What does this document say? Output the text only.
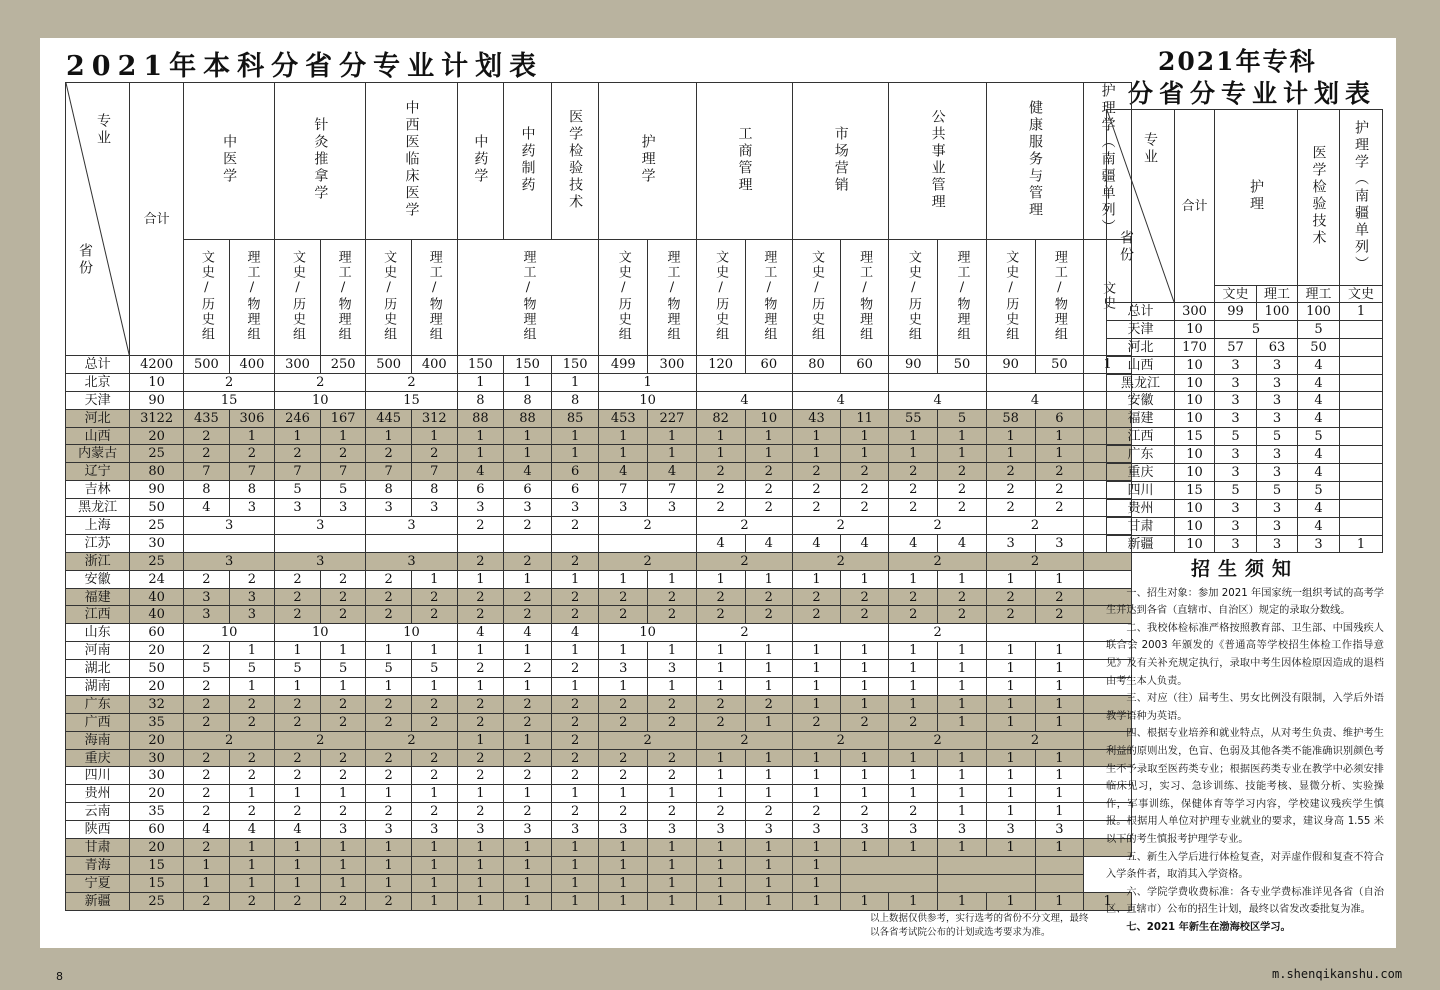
2021年本科分省分专业计划表	2021年专科
分省分专业计划表
专业
省份	合计	中医学		针灸推拿学		中西医临床医学		中药学	中药制药	医学检验技术	护理学		工商管理		市场营销		公共事业管理		健康服务与管理		护理学（南疆单列）
		文史/历史组	理工/物理组	文史/历史组	理工/物理组	文史/历史组	理工/物理组	理工/物理组			文史/历史组	理工/物理组	文史/历史组	理工/物理组	文史/历史组	理工/物理组	文史/历史组	理工/物理组	文史/历史组	理工/物理组	文史
总计	4200	500	400	300	250	500	400	150	150	150	499	300	120	60	80	60	90	50	90	50	1
北京	10	2		2		2		1	1	1	1										
天津	90	15		10		15		8	8	8	10		4		4		4		4		
河北	3122	435	306	246	167	445	312	88	88	85	453	227	82	10	43	11	55	5	58	6	
山西	20	2	1	1	1	1	1	1	1	1	1	1	1	1	1	1	1	1	1	1	
内蒙古	25	2	2	2	2	2	2	1	1	1	1	1	1	1	1	1	1	1	1	1	
辽宁	80	7	7	7	7	7	7	4	4	6	4	4	2	2	2	2	2	2	2	2	
吉林	90	8	8	5	5	8	8	6	6	6	7	7	2	2	2	2	2	2	2	2	
黑龙江	50	4	3	3	3	3	3	3	3	3	3	3	2	2	2	2	2	2	2	2	
上海	25	3		3		3		2	2	2	2		2		2		2		2		
江苏	30												4	4	4	4	4	4	3	3	
浙江	25	3		3		3		2	2	2	2		2		2		2		2		
安徽	24	2	2	2	2	2	1	1	1	1	1	1	1	1	1	1	1	1	1	1	
福建	40	3	3	2	2	2	2	2	2	2	2	2	2	2	2	2	2	2	2	2	
江西	40	3	3	2	2	2	2	2	2	2	2	2	2	2	2	2	2	2	2	2	
山东	60	10		10		10		4	4	4	10		2				2				
河南	20	2	1	1	1	1	1	1	1	1	1	1	1	1	1	1	1	1	1	1	
湖北	50	5	5	5	5	5	5	2	2	2	3	3	1	1	1	1	1	1	1	1	
湖南	20	2	1	1	1	1	1	1	1	1	1	1	1	1	1	1	1	1	1	1	
广东	32	2	2	2	2	2	2	2	2	2	2	2	2	2	1	1	1	1	1	1	
广西	35	2	2	2	2	2	2	2	2	2	2	2	2	1	2	2	2	1	1	1	
海南	20	2		2		2		1	1	2	2		2		2		2		2		
重庆	30	2	2	2	2	2	2	2	2	2	2	2	1	1	1	1	1	1	1	1	
四川	30	2	2	2	2	2	2	2	2	2	2	2	1	1	1	1	1	1	1	1	
贵州	20	2	1	1	1	1	1	1	1	1	1	1	1	1	1	1	1	1	1	1	
云南	35	2	2	2	2	2	2	2	2	2	2	2	2	2	2	2	2	1	1	1	
陕西	60	4	4	4	3	3	3	3	3	3	3	3	3	3	3	3	3	3	3	3	
甘肃	20	2	1	1	1	1	1	1	1	1	1	1	1	1	1	1	1	1	1	1	
青海	15	1	1	1	1	1	1	1	1	1	1	1	1	1	1						
宁夏	15	1	1	1	1	1	1	1	1	1	1	1	1	1	1						
新疆	25	2	2	2	2	2	1	1	1	1	1	1	1	1	1	1	1	1	1	1	1
专业
省份	合计	护理		医学检验技术	护理学（南疆单列）
		文史	理工	理工	文史
总计	300	99	100	100	1
天津	10	5		5	
河北	170	57	63	50	
山西	10	3	3	4	
黑龙江	10	3	3	4	
安徽	10	3	3	4	
福建	10	3	3	4	
江西	15	5	5	5	
广东	10	3	3	4	
重庆	10	3	3	4	
四川	15	5	5	5	
贵州	10	3	3	4	
甘肃	10	3	3	4	
新疆	10	3	3	3	1
招生须知

一、招生对象：参加 2021 年国家统一组织考试的高考学生并达到各省（直辖市、自治区）规定的录取分数线。

二、我校体检标准严格按照教育部、卫生部、中国残疾人联合会 2003 年颁发的《普通高等学校招生体检工作指导意见》及有关补充规定执行，录取中考生因体检原因造成的退档由考生本人负责。

三、对应（往）届考生、男女比例没有限制，入学后外语教学语种为英语。

四、根据专业培养和就业特点，从对考生负责、维护考生利益的原则出发，色盲、色弱及其他各类不能准确识别颜色考生不予录取至医药类专业；根据医药类专业在教学中必须安排临床见习，实习、急诊训练、技能考核、显微分析、实验操作，军事训练，保健体育等学习内容，学校建议残疾学生慎报。根据用人单位对护理专业就业的要求，建议身高 1.55 米以下的考生慎报考护理学专业。

五、新生入学后进行体检复查，对弄虚作假和复查不符合入学条件者，取消其入学资格。

六、学院学费收费标准：各专业学费标准详见各省（自治区、直辖市）公布的招生计划，最终以省发改委批复为准。

七、2021 年新生在渤海校区学习。

以上数据仅供参考，实行选考的省份不分文理，最终以各省考试院公布的计划或选考要求为准。
8	m.shenqikanshu.com
